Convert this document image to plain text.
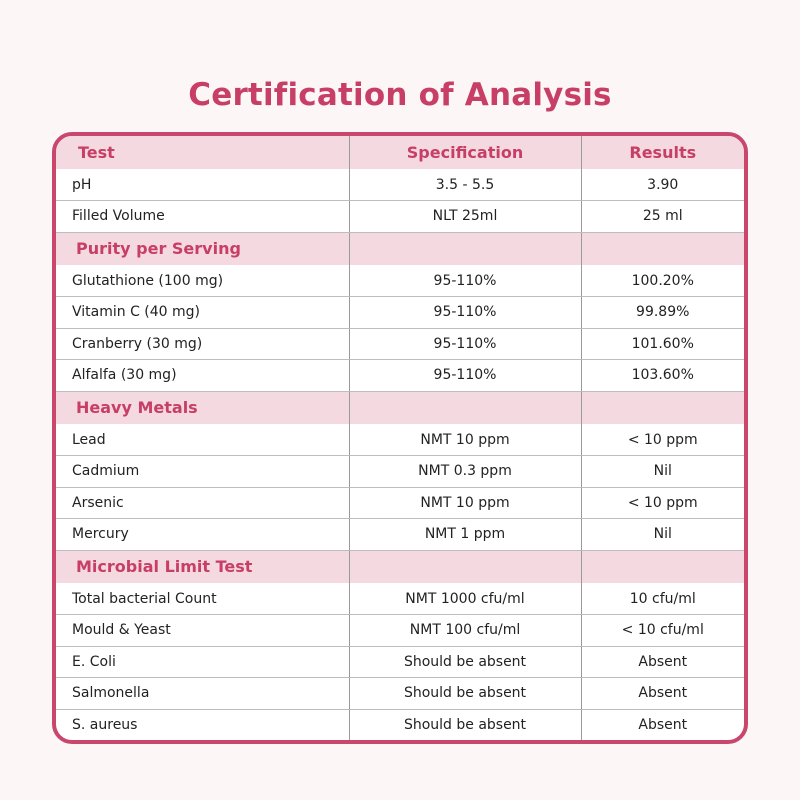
Certification of Analysis
Test	Specification	Results
pH	3.5 - 5.5	3.90
Filled Volume	NLT 25ml	25 ml
Purity per Serving		
Glutathione (100 mg)	95-110%	100.20%
Vitamin C (40 mg)	95-110%	99.89%
Cranberry (30 mg)	95-110%	101.60%
Alfalfa (30 mg)	95-110%	103.60%
Heavy Metals		
Lead	NMT 10 ppm	< 10 ppm
Cadmium	NMT 0.3 ppm	Nil
Arsenic	NMT 10 ppm	< 10 ppm
Mercury	NMT 1 ppm	Nil
Microbial Limit Test		
Total bacterial Count	NMT 1000 cfu/ml	10 cfu/ml
Mould & Yeast	NMT 100 cfu/ml	< 10 cfu/ml
E. Coli	Should be absent	Absent
Salmonella	Should be absent	Absent
S. aureus	Should be absent	Absent
